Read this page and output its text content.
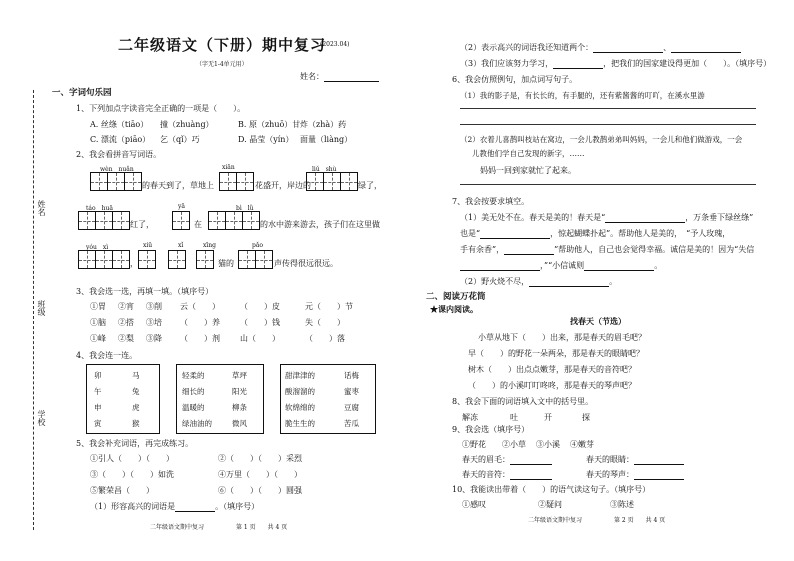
二年级语文（下册）期中复习
(2023.04)
（字无1-4单元用）
姓名：
姓名
班级
学校
一、字词句乐园
1、下列加点字读音完全正确的一项是（　　）。
A. 丝绦（tiāo） 撞（zhuàng）	B. 原（zhuō）甘 炸（zhà）药
C. 漂流（piāo） 乞（qǐ）巧	D. 晶莹（yín） 面量（liàng）
2、我会看拼音写词语。
wèn　nuǎn	xiān	liǔ　shù
的春天到了，草地上	花盛开，岸边的	绿了，
táo　huā	yā	bì　lǜ
红了，	在	的水中游来游去，孩子们在这里做
yóu　xì	xiū	xǐ	xīng	pǎo
，	猫的	声传得很远很远。
3、我会选一选，再填一填。（填序号）
①胃 ②宵 ③削 云（　　）	（　　）皮	元（　　）节
①脑 ②搭 ③培 （　　）养	（　　）钱	失（　　）
①峰 ②梨 ③降 （　　）剂	山（　　）	（　　）落
4、我会连一连。
卯
午
申
寅
马
兔
虎
猴
轻柔的
细长的
温暖的
绿油油的
草坪
阳光
柳条
微风
甜津津的
酸溜溜的
软绵绵的
脆生生的
话梅
蜜枣
豆腐
苦瓜
5、我会补充词语，再完成练习。
①引人（　　）（　　）	②（　　）（　　）采烈
③（　　）（　　）如洗	④万里（　　）（　　）
⑤繁荣昌（　　）	⑥（　　）（　　）圆强
（1）形容高兴的词语是	。（填序号）
二年级语文期中复习	第 1 页　　共 4 页
（2）表示高兴的词语我还知道两个：	、
（3）我们应该努力学习，	，把我们的国家建设得更加（　　）。（填序号）
6、我会仿照例句，加点词写句子。
（1）我的影子是，有长长的，有手腿的，还有紫酱酱的叮吖，在溪水里游
（2）衣着儿喜鹊叫枝站在窝边，一会儿教鹊弟弟叫妈妈，一会儿和他们做游戏，一会
儿教他们学自己发现的新字，……
妈妈一回到家就忙了起来。
7、我会按要求填空。
（1）美无处不在。春天是美的！春天是“	，万条垂下绿丝绦”
也是“	，惊起蝴蝶扑起”。帮助他人是美的，　“予人玫瑰，
手有余香”，	”帮助他人，自己也会觉得幸福。诚信是美的！因为“失信
，”“小信诚则	。
（2）野火烧不尽，	。
二、阅读万花筒
★课内阅读。
找春天（节选）
小草从地下（　　）出来，那是春天的眉毛吧？
早（　　）的野花一朵两朵，那是春天的眼睛吧？
树木（　　）出点点嫩芽，那是春天的音符吧？
（　　）的小溪叮叮咚咚，那是春天的琴声吧？
8、我会下面的词语填入文中的括号里。
解冻	吐	开	探
9、我会选（填序号）
①野花 ②小草 ③小溪 ④嫩芽
春天的眉毛：	春天的眼睛：
春天的音符：	春天的琴声：
10、我能读出带着（　　）的语气读这句子。（填序号）
①感叹	②疑问	③陈述
二年级语文期中复习	第 2 页　　共 4 页
